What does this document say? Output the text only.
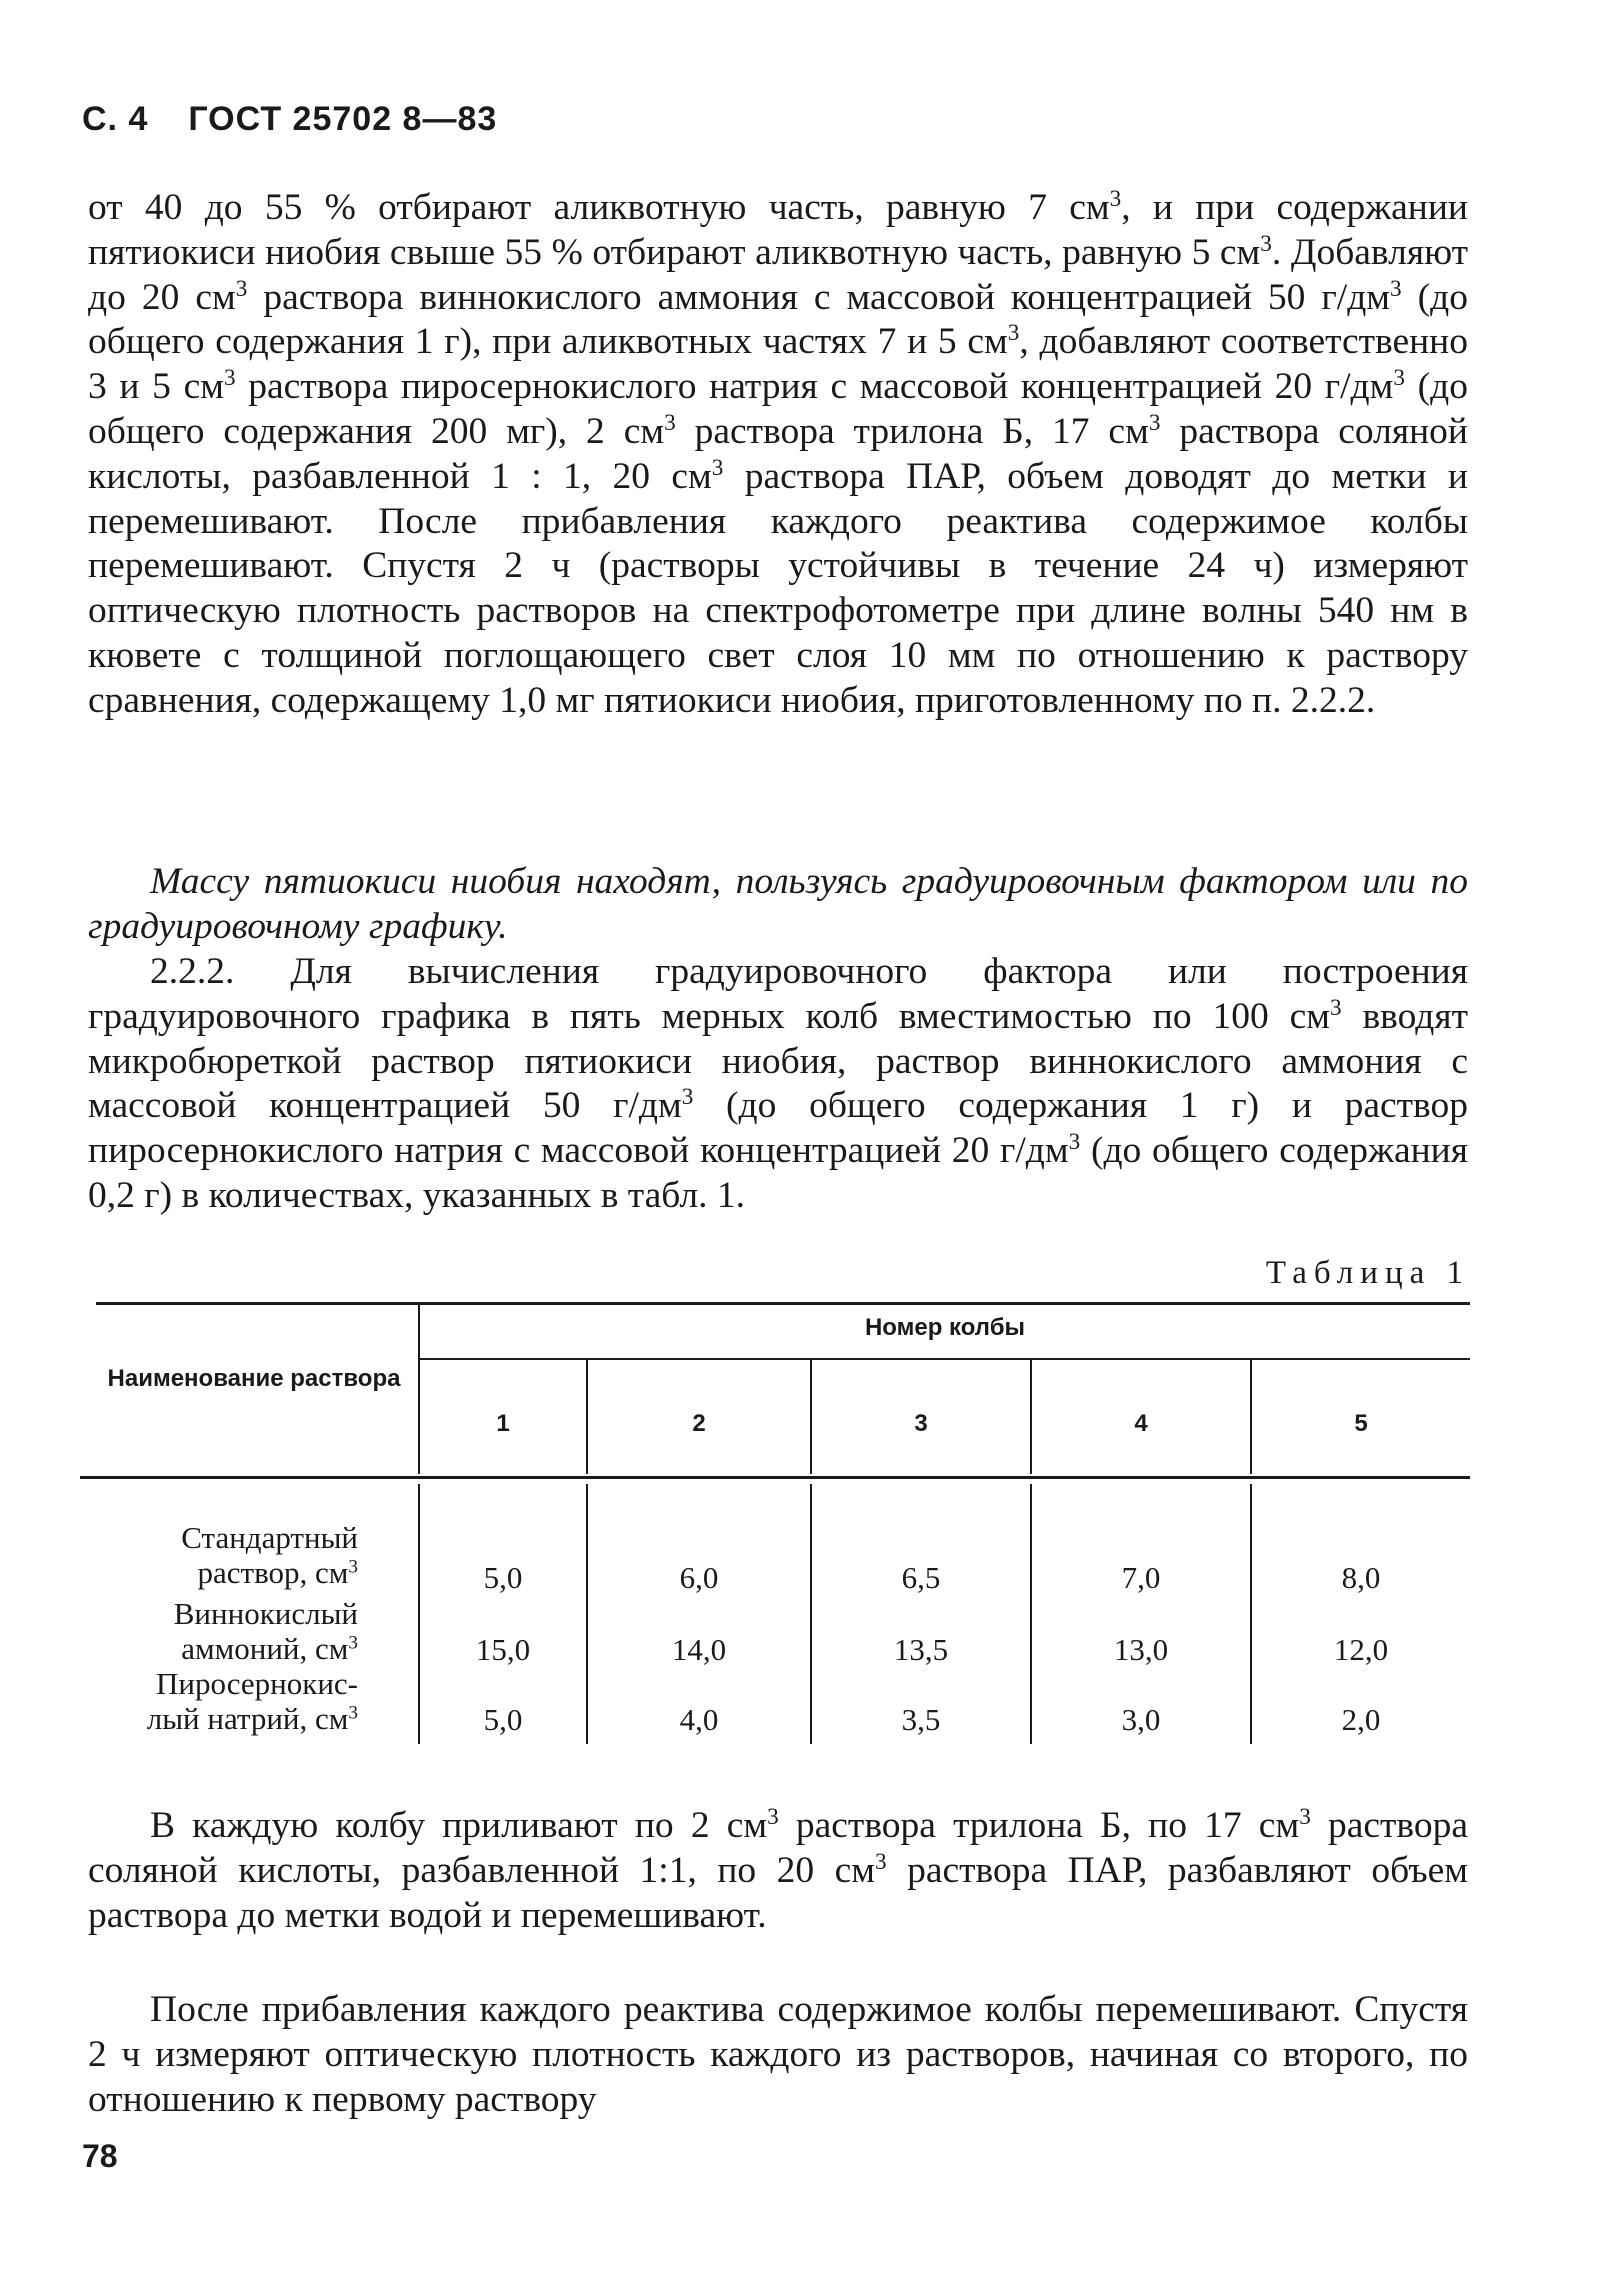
С. 4 ГОСТ 25702 8—83
от 40 до 55 % отбирают аликвотную часть, равную 7 $см^3$, и при содержании пятиокиси ниобия свыше 55 % отбирают аликвотную часть, равную 5 $см^3$. Добавляют до 20 $см^3$ раствора виннокислого аммония с массовой концентрацией 50 $г/дм^3$ (до общего содержания 1 г), при аликвотных частях 7 и 5 $см^3$, добавляют соответственно 3 и 5 $см^3$ раствора пиросернокислого натрия с массовой концентрацией 20 $г/дм^3$ (до общего содержания 200 мг), 2 $см^3$ раствора трилона Б, 17 $см^3$ раствора соляной кислоты, разбавленной 1 : 1, 20 $см^3$ раствора ПАР, объем доводят до метки и перемешивают. После прибавления каждого реактива содержимое колбы перемешивают. Спустя 2 ч (растворы устойчивы в течение 24 ч) измеряют оптическую плотность растворов на спектрофотометре при длине волны 540 нм в кювете с толщиной поглощающего свет слоя 10 мм по отношению к раствору сравнения, содержащему 1,0 мг пятиокиси ниобия, приготовленному по п. 2.2.2.
Массу пятиокиси ниобия находят, пользуясь градуировочным фактором или по градуировочному графику.
2.2.2. Для вычисления градуировочного фактора или построения градуировочного графика в пять мерных колб вместимостью по 100 $см^3$ вводят микробюреткой раствор пятиокиси ниобия, раствор виннокислого аммония с массовой концентрацией 50 $г/дм^3$ (до общего содержания 1 г) и раствор пиросернокислого натрия с массовой концентрацией 20 $г/дм^3$ (до общего содержания 0,2 г) в количествах, указанных в табл. 1.
Таблица 1
Наименование раствора
Номер колбы
1	2	3	4	5
Стандартный
раствор, $см^3$	5,0	6,0	6,5	7,0	8,0
Виннокислый
аммоний, $см^3$	15,0	14,0	13,5	13,0	12,0
Пиросернокис-
лый натрий, $см^3$	5,0	4,0	3,5	3,0	2,0
В каждую колбу приливают по 2 $см^3$ раствора трилона Б, по 17 $см^3$ раствора соляной кислоты, разбавленной 1:1, по 20 $см^3$ раствора ПАР, разбавляют объем раствора до метки водой и перемешивают.
После прибавления каждого реактива содержимое колбы перемешивают. Спустя 2 ч измеряют оптическую плотность каждого из растворов, начиная со второго, по отношению к первому раствору
78
